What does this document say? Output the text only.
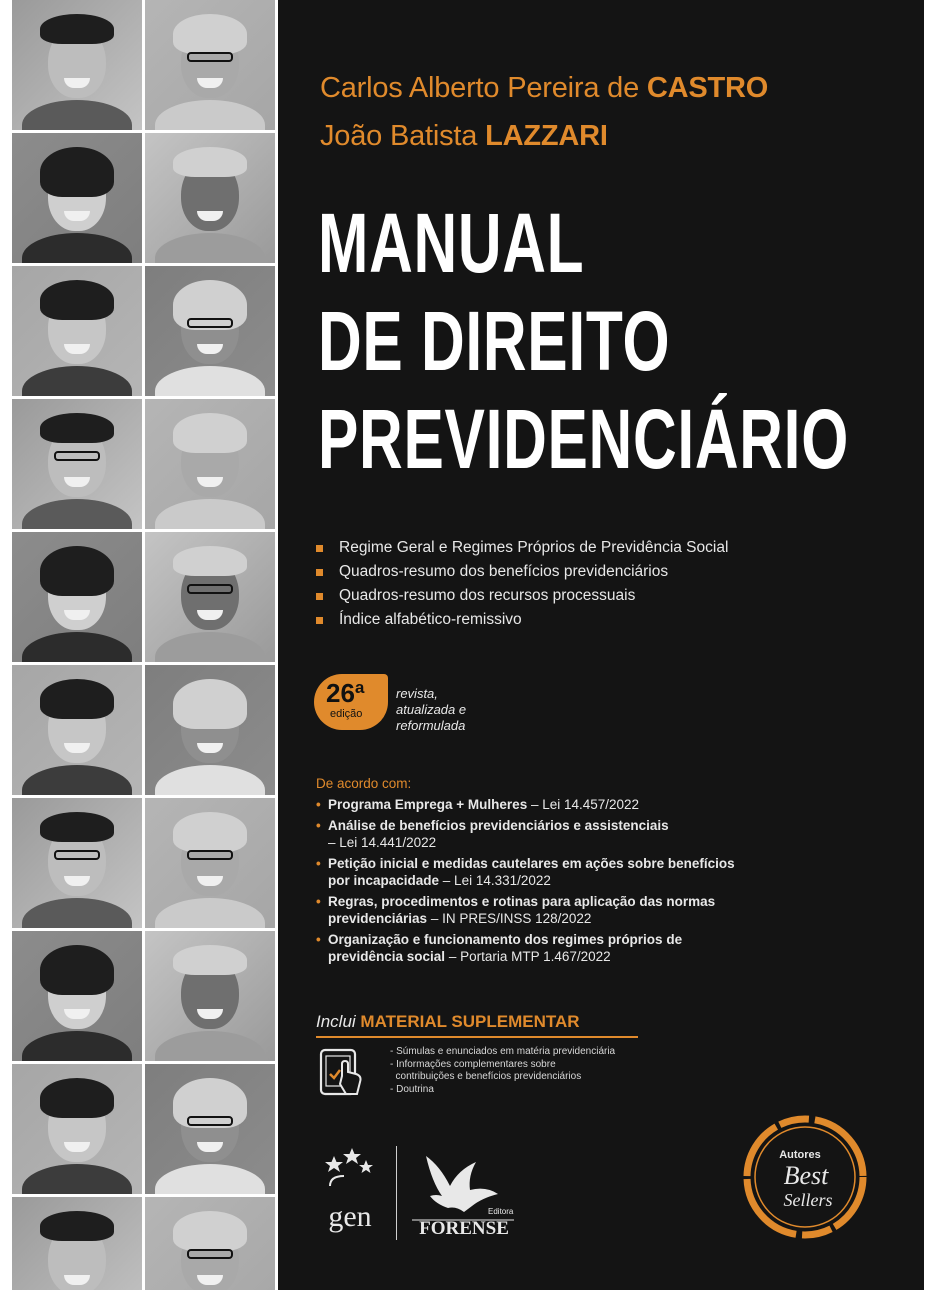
Carlos Alberto Pereira de CASTRO
João Batista LAZZARI
MANUAL
DE DIREITO
PREVIDENCIÁRIO
Regime Geral e Regimes Próprios de Previdência Social
Quadros-resumo dos benefícios previdenciários
Quadros-resumo dos recursos processuais
Índice alfabético-remissivo
26ª
edição
revista,
atualizada e
reformulada
De acordo com:
• Programa Emprega + Mulheres – Lei 14.457/2022
• Análise de benefícios previdenciários e assistenciais
– Lei 14.441/2022
• Petição inicial e medidas cautelares em ações sobre benefícios por incapacidade – Lei 14.331/2022
• Regras, procedimentos e rotinas para aplicação das normas previdenciárias – IN PRES/INSS 128/2022
• Organização e funcionamento dos regimes próprios de previdência social – Portaria MTP 1.467/2022
Inclui MATERIAL SUPLEMENTAR
- Súmulas e enunciados em matéria previdenciária
- Informações complementares sobre
contribuições e benefícios previdenciários
- Doutrina
gen	Editora
FORENSE
Autores
Best
Sellers
